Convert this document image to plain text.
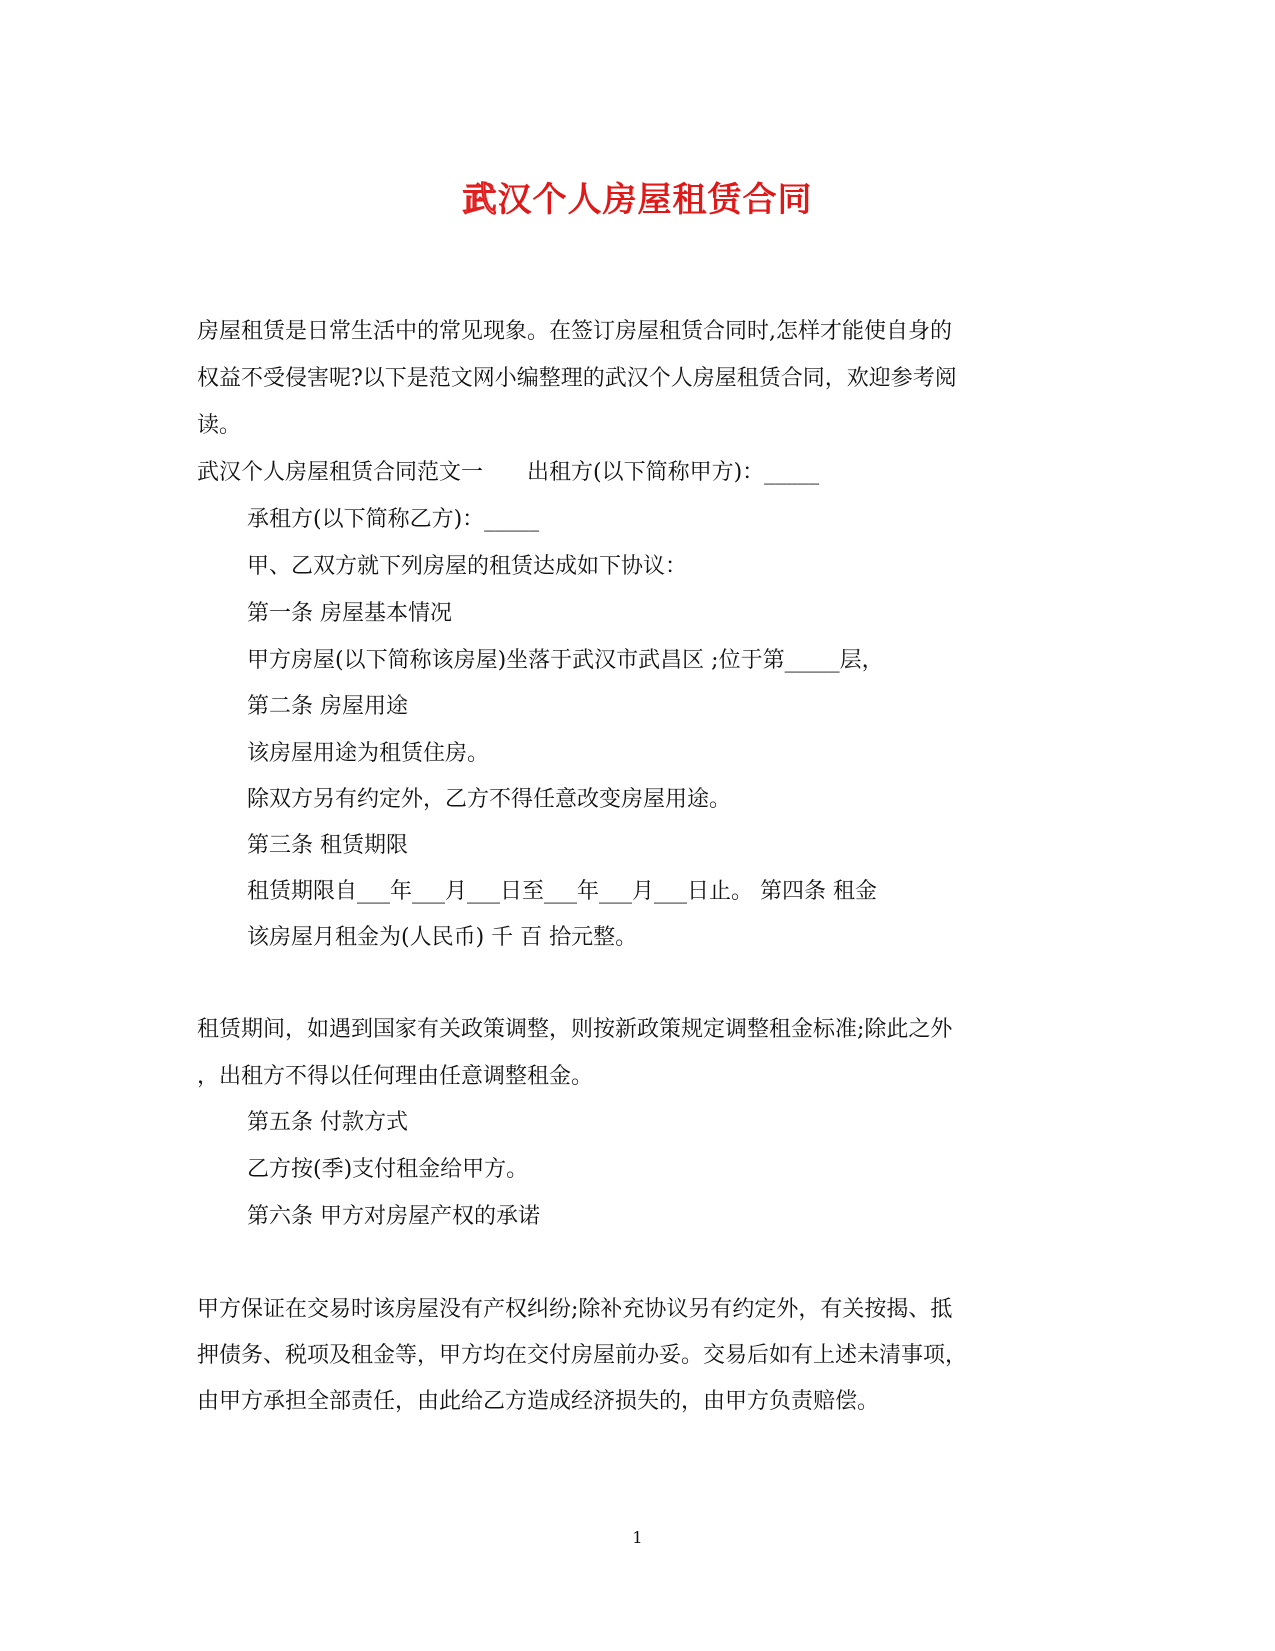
武汉个人房屋租赁合同
房屋租赁是日常生活中的常见现象。在签订房屋租赁合同时,怎样才能使自身的
权益不受侵害呢?以下是范文网小编整理的武汉个人房屋租赁合同，欢迎参考阅
读。
武汉个人房屋租赁合同范文一　　出租方(以下简称甲方)：_____
承租方(以下简称乙方)：_____
甲、乙双方就下列房屋的租赁达成如下协议：
第一条 房屋基本情况
甲方房屋(以下简称该房屋)坐落于武汉市武昌区 ;位于第_____层，
第二条 房屋用途
该房屋用途为租赁住房。
除双方另有约定外，乙方不得任意改变房屋用途。
第三条 租赁期限
租赁期限自___年___月___日至___年___月___日止。 第四条 租金
该房屋月租金为(人民币) 千 百 拾元整。
租赁期间，如遇到国家有关政策调整，则按新政策规定调整租金标准;除此之外
，出租方不得以任何理由任意调整租金。
第五条 付款方式
乙方按(季)支付租金给甲方。
第六条 甲方对房屋产权的承诺
甲方保证在交易时该房屋没有产权纠纷;除补充协议另有约定外，有关按揭、抵
押债务、税项及租金等，甲方均在交付房屋前办妥。交易后如有上述未清事项，
由甲方承担全部责任，由此给乙方造成经济损失的，由甲方负责赔偿。
1
